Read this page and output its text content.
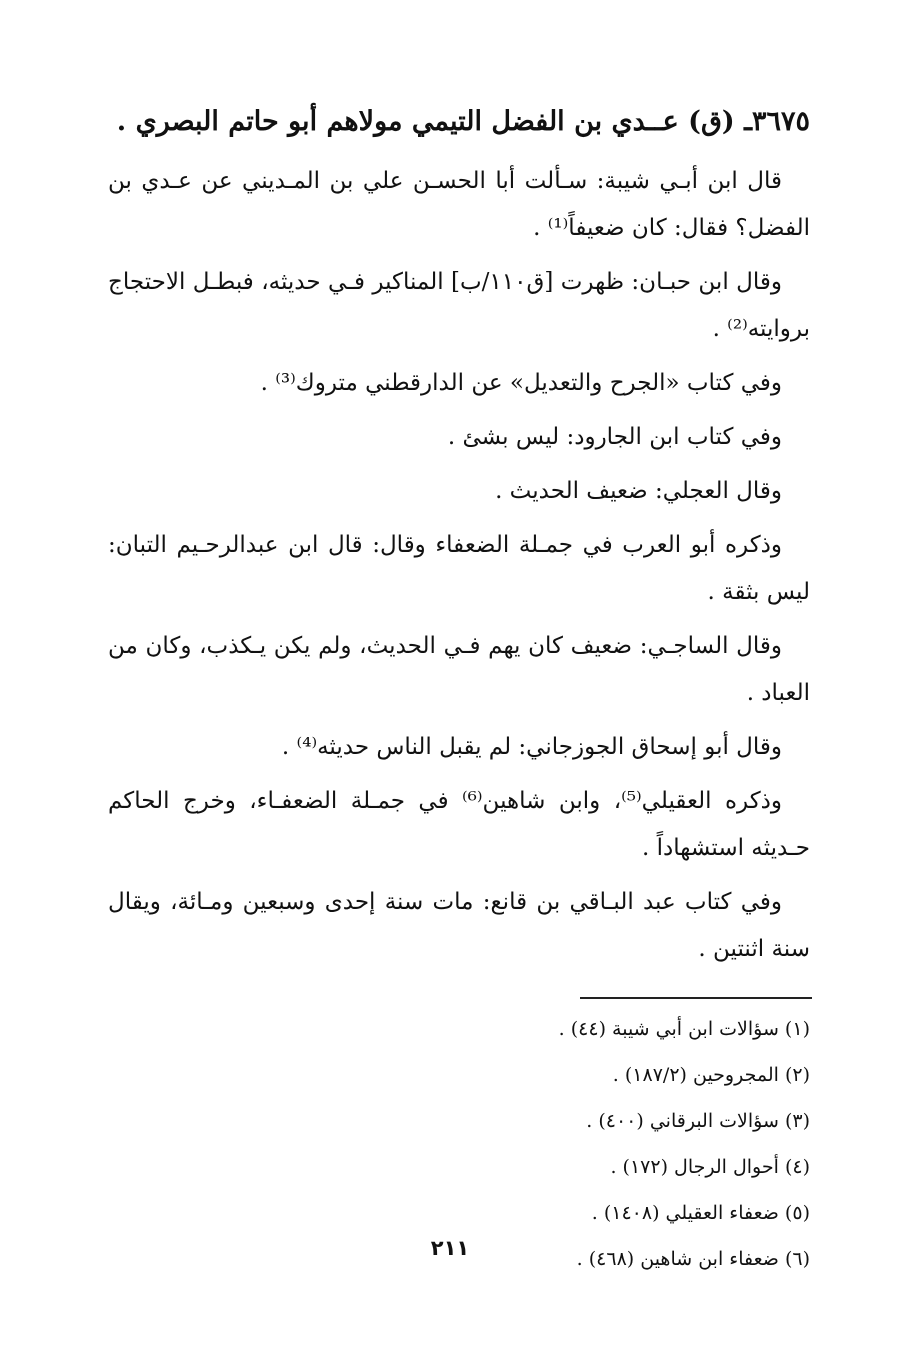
٣٦٧٥ـ (ق) عــدي بن الفضل التيمي مولاهم أبو حاتم البصري .
قال ابن أبـي شيبة: سـألت أبا الحسـن علي بن المـديني عن عـدي بن الفضل؟ فقال: كان ضعيفاً⁽¹⁾ .
وقال ابن حبـان: ظهرت [ق١١٠/ب] المناكير فـي حديثه، فبطـل الاحتجاج بروايته⁽²⁾ .
وفي كتاب «الجرح والتعديل» عن الدارقطني متروك⁽³⁾ .
وفي كتاب ابن الجارود: ليس بشئ .
وقال العجلي: ضعيف الحديث .
وذكره أبو العرب في جمـلة الضعفاء وقال: قال ابن عبدالرحـيم التبان: ليس بثقة .
وقال الساجـي: ضعيف كان يهم فـي الحديث، ولم يكن يـكذب، وكان من العباد .
وقال أبو إسحاق الجوزجاني: لم يقبل الناس حديثه⁽⁴⁾ .
وذكره العقيلي⁽⁵⁾، وابن شاهين⁽⁶⁾ في جمـلة الضعفـاء، وخرج الحاكم حـديثه استشهاداً .
وفي كتاب عبد البـاقي بن قانع: مات سنة إحدى وسبعين ومـائة، ويقال سنة اثنتين .
(١) سؤالات ابن أبي شيبة (٤٤) .
(٢) المجروحين (١٨٧/٢) .
(٣) سؤالات البرقاني (٤٠٠) .
(٤) أحوال الرجال (١٧٢) .
(٥) ضعفاء العقيلي (١٤٠٨) .
(٦) ضعفاء ابن شاهين (٤٦٨) .
٢١١
